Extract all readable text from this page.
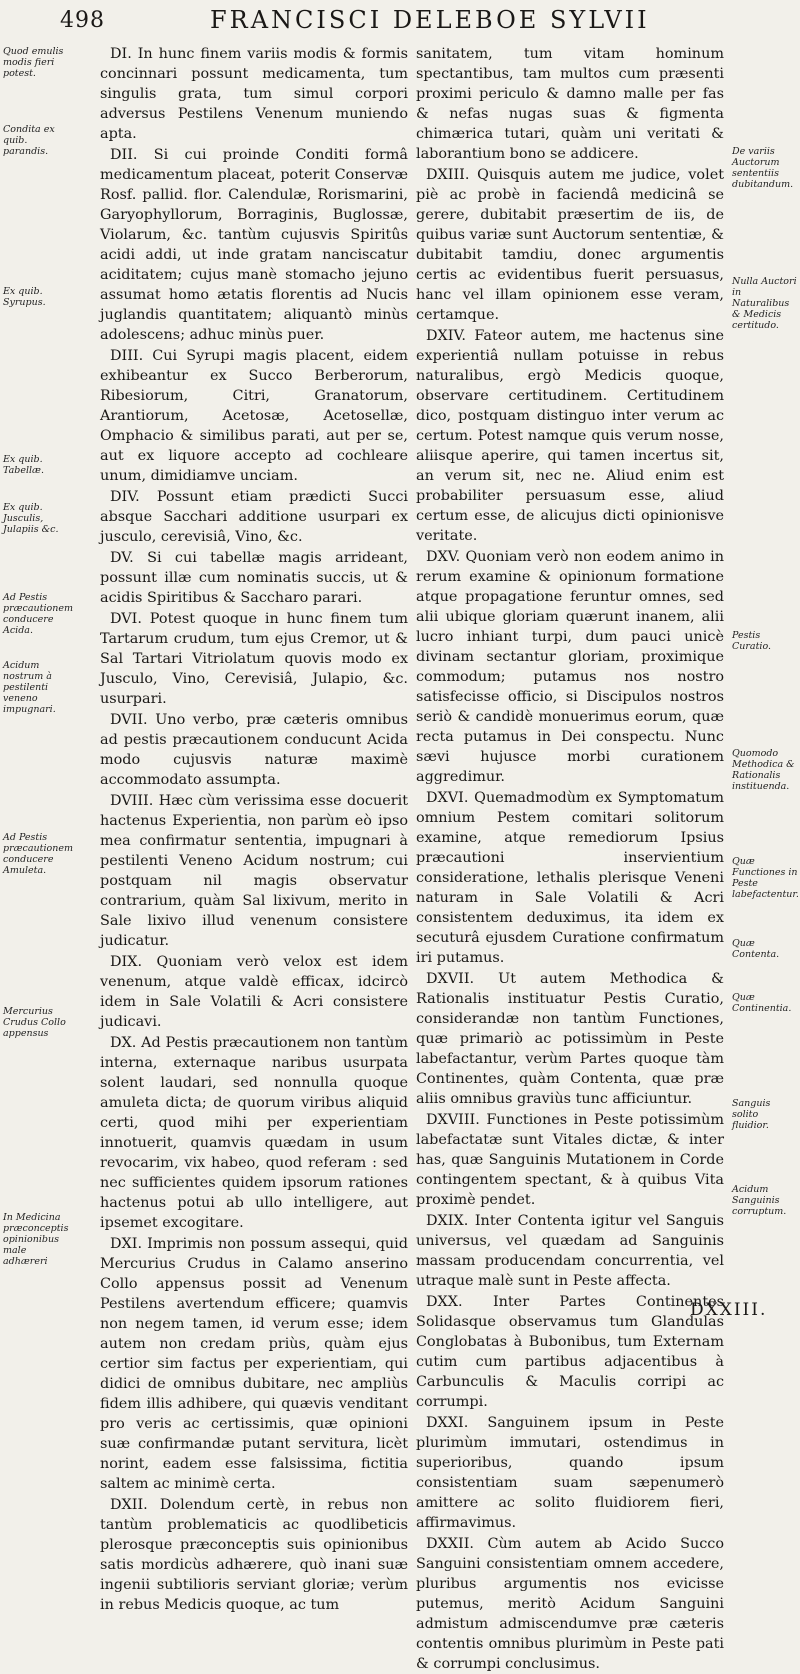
498	FRANCISCI DELEBOE SYLVII

DI. In hunc finem variis modis & formis concinnari possunt medicamenta, tum singulis grata, tum simul corpori adversus Pestilens Venenum muniendo apta.

DII. Si cui proinde Conditi formâ medicamentum placeat, poterit Conservæ Rosf. pallid. flor. Calendulæ, Rorismarini, Garyophyllorum, Borraginis, Buglossæ, Violarum, &c. tantùm cujusvis Spiritûs acidi addi, ut inde gratam nanciscatur aciditatem; cujus manè stomacho jejuno assumat homo ætatis florentis ad Nucis juglandis quantitatem; aliquantò minùs adolescens; adhuc minùs puer.

DIII. Cui Syrupi magis placent, eidem exhibeantur ex Succo Berberorum, Ribesiorum, Citri, Granatorum, Arantiorum, Acetosæ, Acetosellæ, Omphacio & similibus parati, aut per se, aut ex liquore accepto ad cochleare unum, dimidiamve unciam.

DIV. Possunt etiam prædicti Succi absque Sacchari additione usurpari ex jusculo, cerevisiâ, Vino, &c.

DV. Si cui tabellæ magis arrideant, possunt illæ cum nominatis succis, ut & acidis Spiritibus & Saccharo parari.

DVI. Potest quoque in hunc finem tum Tartarum crudum, tum ejus Cremor, ut & Sal Tartari Vitriolatum quovis modo ex Jusculo, Vino, Cerevisiâ, Julapio, &c. usurpari.

DVII. Uno verbo, præ cæteris omnibus ad pestis præcautionem conducunt Acida modo cujusvis naturæ maximè accommodato assumpta.

DVIII. Hæc cùm verissima esse docuerit hactenus Experientia, non parùm eò ipso mea confirmatur sententia, impugnari à pestilenti Veneno Acidum nostrum; cui postquam nil magis observatur contrarium, quàm Sal lixivum, merito in Sale lixivo illud venenum consistere judicatur.

DIX. Quoniam verò velox est idem venenum, atque valdè efficax, idcircò idem in Sale Volatili & Acri consistere judicavi.

DX. Ad Pestis præcautionem non tantùm interna, externaque naribus usurpata solent laudari, sed nonnulla quoque amuleta dicta; de quorum viribus aliquid certi, quod mihi per experientiam innotuerit, quamvis quædam in usum revocarim, vix habeo, quod referam : sed nec sufficientes quidem ipsorum rationes hactenus potui ab ullo intelligere, aut ipsemet excogitare.

DXI. Imprimis non possum assequi, quid Mercurius Crudus in Calamo anserino Collo appensus possit ad Venenum Pestilens avertendum efficere; quamvis non negem tamen, id verum esse; idem autem non credam priùs, quàm ejus certior sim factus per experientiam, qui didici de omnibus dubitare, nec ampliùs fidem illis adhibere, qui quævis venditant pro veris ac certissimis, quæ opinioni suæ confirmandæ putant servitura, licèt norint, eadem esse falsissima, fictitia saltem ac minimè certa.

DXII. Dolendum certè, in rebus non tantùm problematicis ac quodlibeticis plerosque præconceptis suis opinionibus satis mordicùs adhærere, quò inani suæ ingenii subtilioris serviant gloriæ; verùm in rebus Medicis quoque, ac tum

sanitatem, tum vitam hominum spectantibus, tam multos cum præsenti proximi periculo & damno malle per fas & nefas nugas suas & figmenta chimærica tutari, quàm uni veritati & laborantium bono se addicere.

DXIII. Quisquis autem me judice, volet piè ac probè in faciendâ medicinâ se gerere, dubitabit præsertim de iis, de quibus variæ sunt Auctorum sententiæ, & dubitabit tamdiu, donec argumentis certis ac evidentibus fuerit persuasus, hanc vel illam opinionem esse veram, certamque.

DXIV. Fateor autem, me hactenus sine experientiâ nullam potuisse in rebus naturalibus, ergò Medicis quoque, observare certitudinem. Certitudinem dico, postquam distinguo inter verum ac certum. Potest namque quis verum nosse, aliisque aperire, qui tamen incertus sit, an verum sit, nec ne. Aliud enim est probabiliter persuasum esse, aliud certum esse, de alicujus dicti opinionisve veritate.

DXV. Quoniam verò non eodem animo in rerum examine & opinionum formatione atque propagatione feruntur omnes, sed alii ubique gloriam quærunt inanem, alii lucro inhiant turpi, dum pauci unicè divinam sectantur gloriam, proximique commodum; putamus nos nostro satisfecisse officio, si Discipulos nostros seriò & candidè monuerimus eorum, quæ recta putamus in Dei conspectu. Nunc sævi hujusce morbi curationem aggredimur.

DXVI. Quemadmodùm ex Symptomatum omnium Pestem comitari solitorum examine, atque remediorum Ipsius præcautioni inservientium consideratione, lethalis plerisque Veneni naturam in Sale Volatili & Acri consistentem deduximus, ita idem ex secuturâ ejusdem Curatione confirmatum iri putamus.

DXVII. Ut autem Methodica & Rationalis instituatur Pestis Curatio, considerandæ non tantùm Functiones, quæ primariò ac potissimùm in Peste labefactantur, verùm Partes quoque tàm Continentes, quàm Contenta, quæ præ aliis omnibus graviùs tunc afficiuntur.

DXVIII. Functiones in Peste potissimùm labefactatæ sunt Vitales dictæ, & inter has, quæ Sanguinis Mutationem in Corde contingentem spectant, & à quibus Vita proximè pendet.

DXIX. Inter Contenta igitur vel Sanguis universus, vel quædam ad Sanguinis massam producendam concurrentia, vel utraque malè sunt in Peste affecta.

DXX. Inter Partes Continentes Solidasque observamus tum Glandulas Conglobatas à Bubonibus, tum Externam cutim cum partibus adjacentibus à Carbunculis & Maculis corripi ac corrumpi.

DXXI. Sanguinem ipsum in Peste plurimùm immutari, ostendimus in superioribus, quando ipsum consistentiam suam sæpenumerò amittere ac solito fluidiorem fieri, affirmavimus.

DXXII. Cùm autem ab Acido Succo Sanguini consistentiam omnem accedere, pluribus argumentis nos evicisse putemus, meritò Acidum Sanguini admistum admiscendumve præ cæteris contentis omnibus plurimùm in Peste pati & corrumpi conclusimus.

Quod emulis modis fieri potest.
Condita ex quib. parandis.
Ex quib. Syrupus.
Ex quib. Tabellæ.
Ex quib. Jusculis, Julapiis &c.
Ad Pestis præcautionem conducere Acida.
Acidum nostrum à pestilenti veneno impugnari.
Ad Pestis præcautionem conducere Amuleta.
Mercurius Crudus Collo appensus
In Medicina præconceptis opinionibus male adhæreri
De variis Auctorum sententiis dubitandum.
Nulla Auctori in Naturalibus & Medicis certitudo.
Pestis Curatio.
Quomodo Methodica & Rationalis instituenda.
Quæ Functiones in Peste labefactentur.
Quæ Contenta.
Quæ Continentia.
Sanguis solito fluidior.
Acidum Sanguinis corruptum.
DXXIII.
